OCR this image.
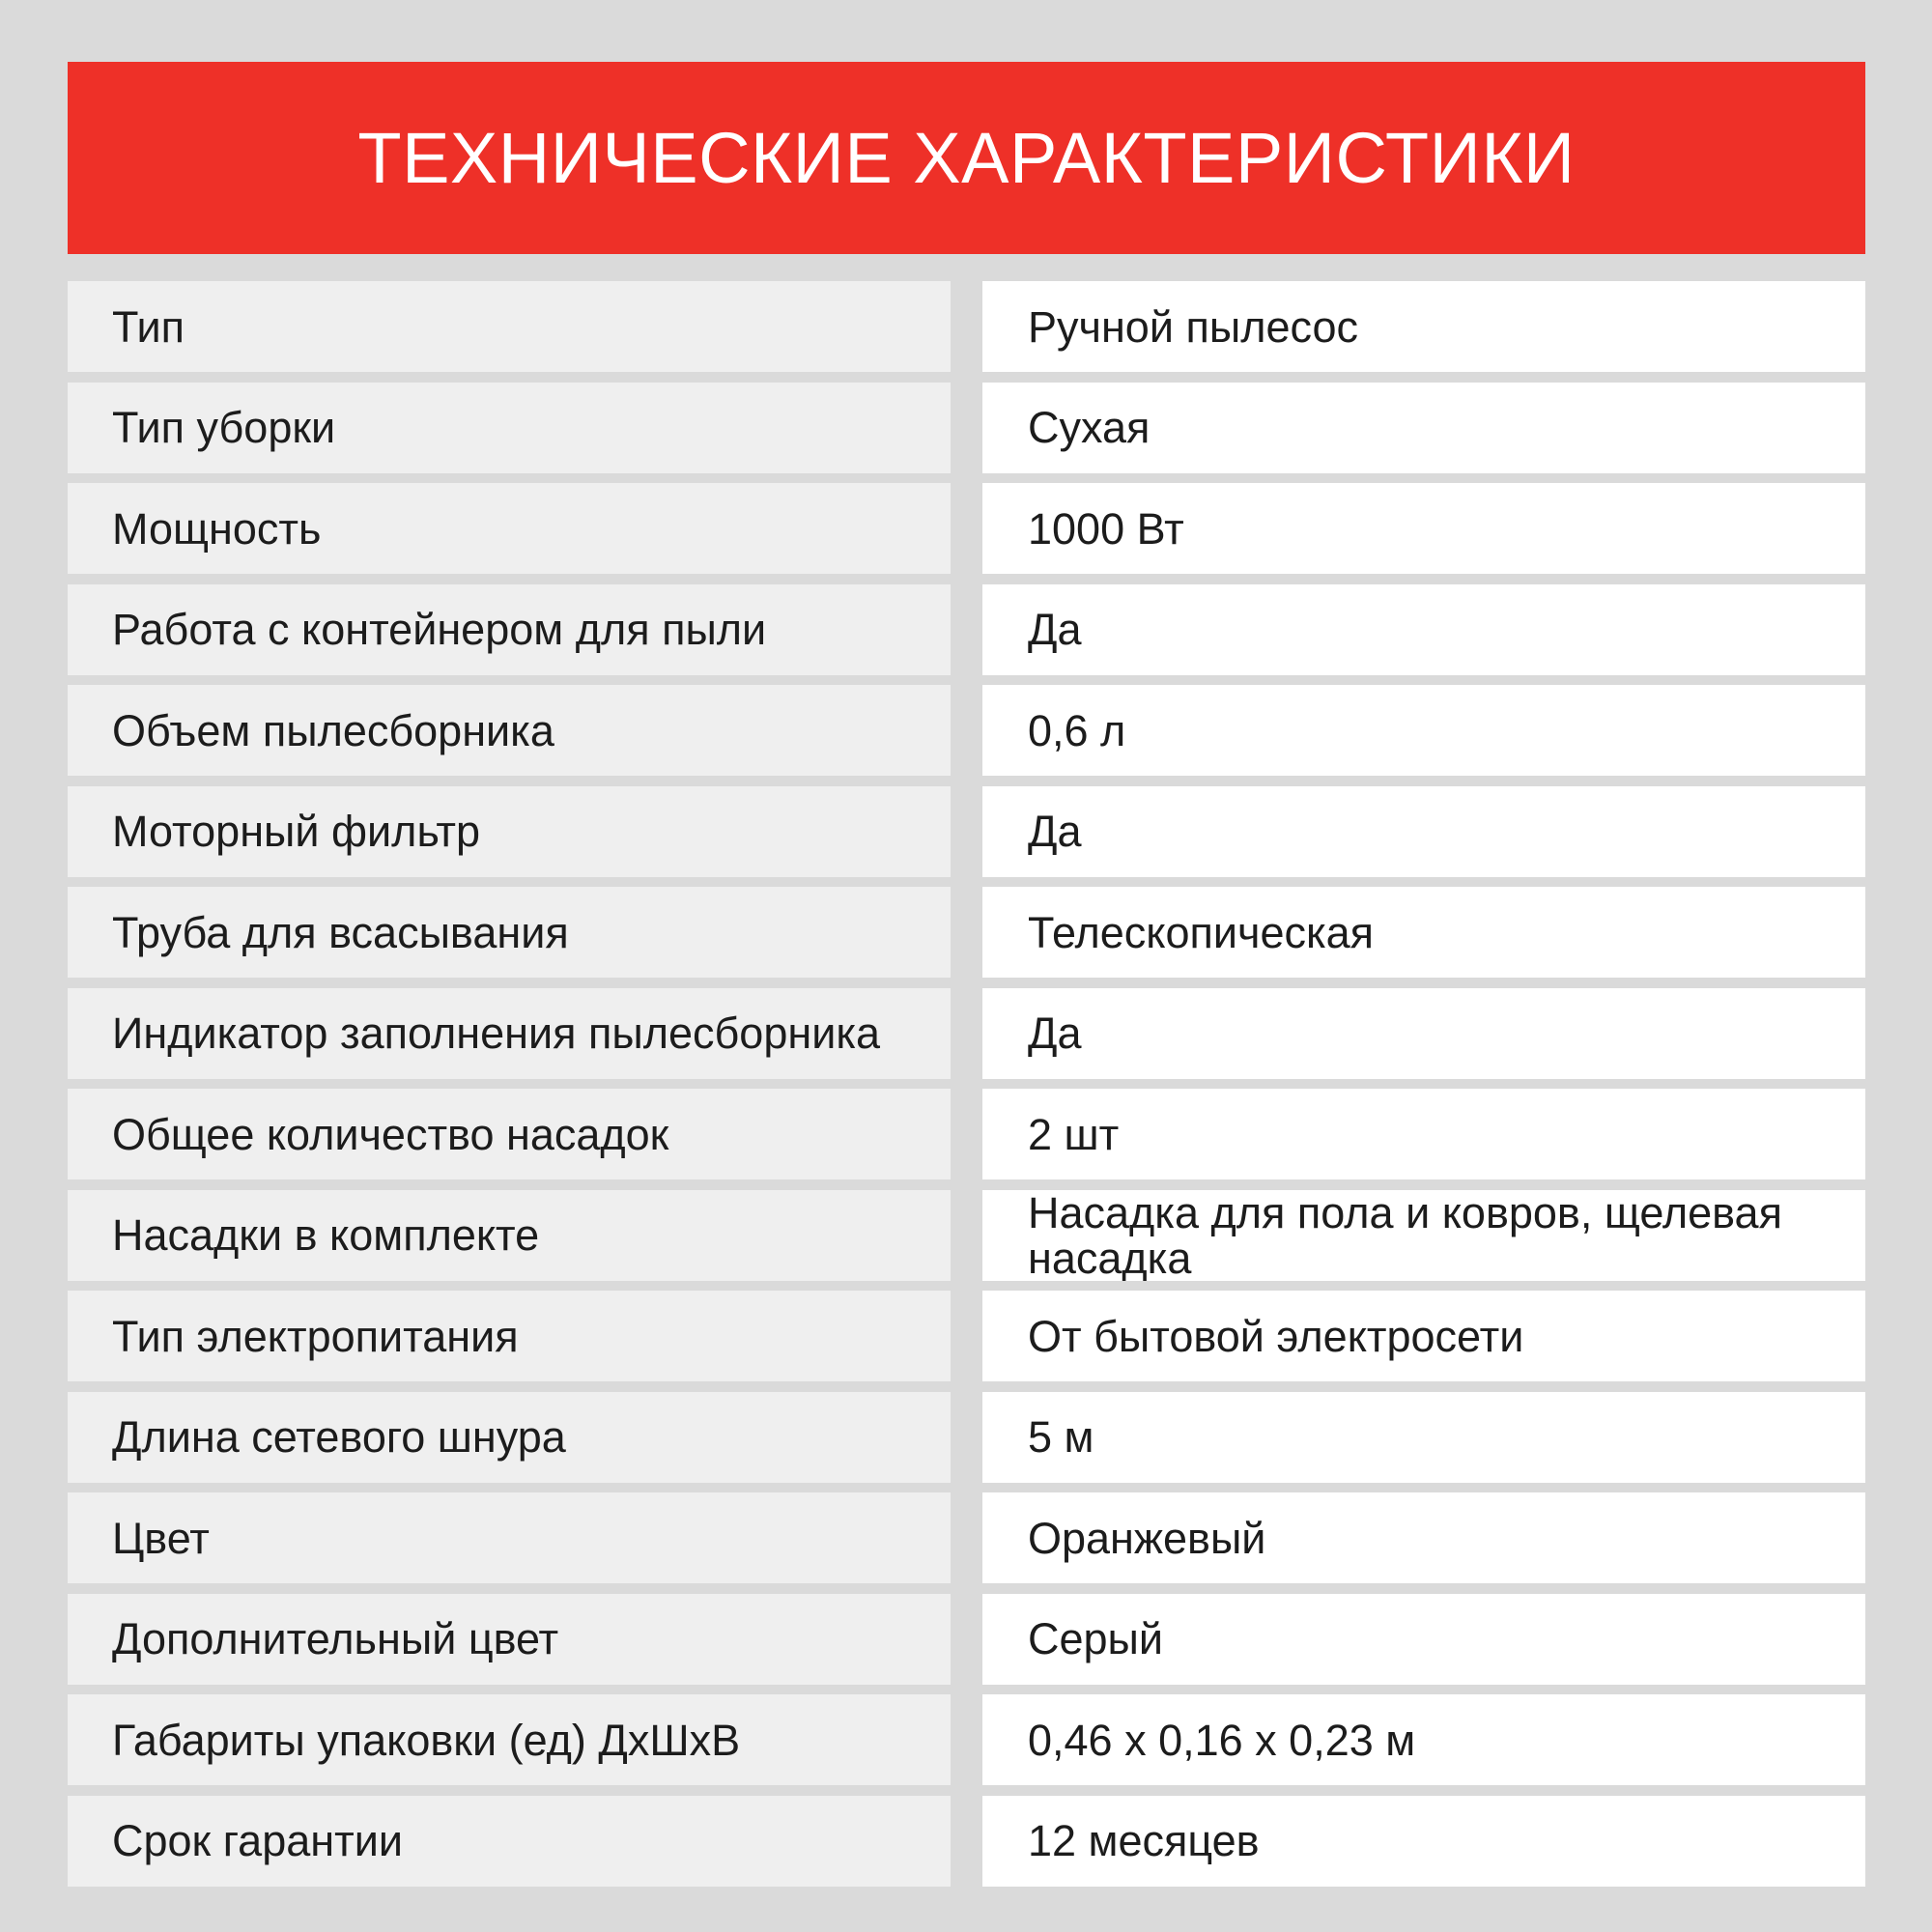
ТЕХНИЧЕСКИЕ ХАРАКТЕРИСТИКИ
Тип	Ручной пылесос
Тип уборки	Сухая
Мощность	1000 Вт
Работа с контейнером для пыли	Да
Объем пылесборника	0,6 л
Моторный фильтр	Да
Труба для всасывания	Телескопическая
Индикатор заполнения пылесборника	Да
Общее количество насадок	2 шт
Насадки в комплекте	Насадка для пола и ковров, щелевая насадка
Тип электропитания	От бытовой электросети
Длина сетевого шнура	5 м
Цвет	Оранжевый
Дополнительный цвет	Серый
Габариты упаковки (ед) ДхШхВ	0,46 х 0,16 х 0,23 м
Срок гарантии	12 месяцев
